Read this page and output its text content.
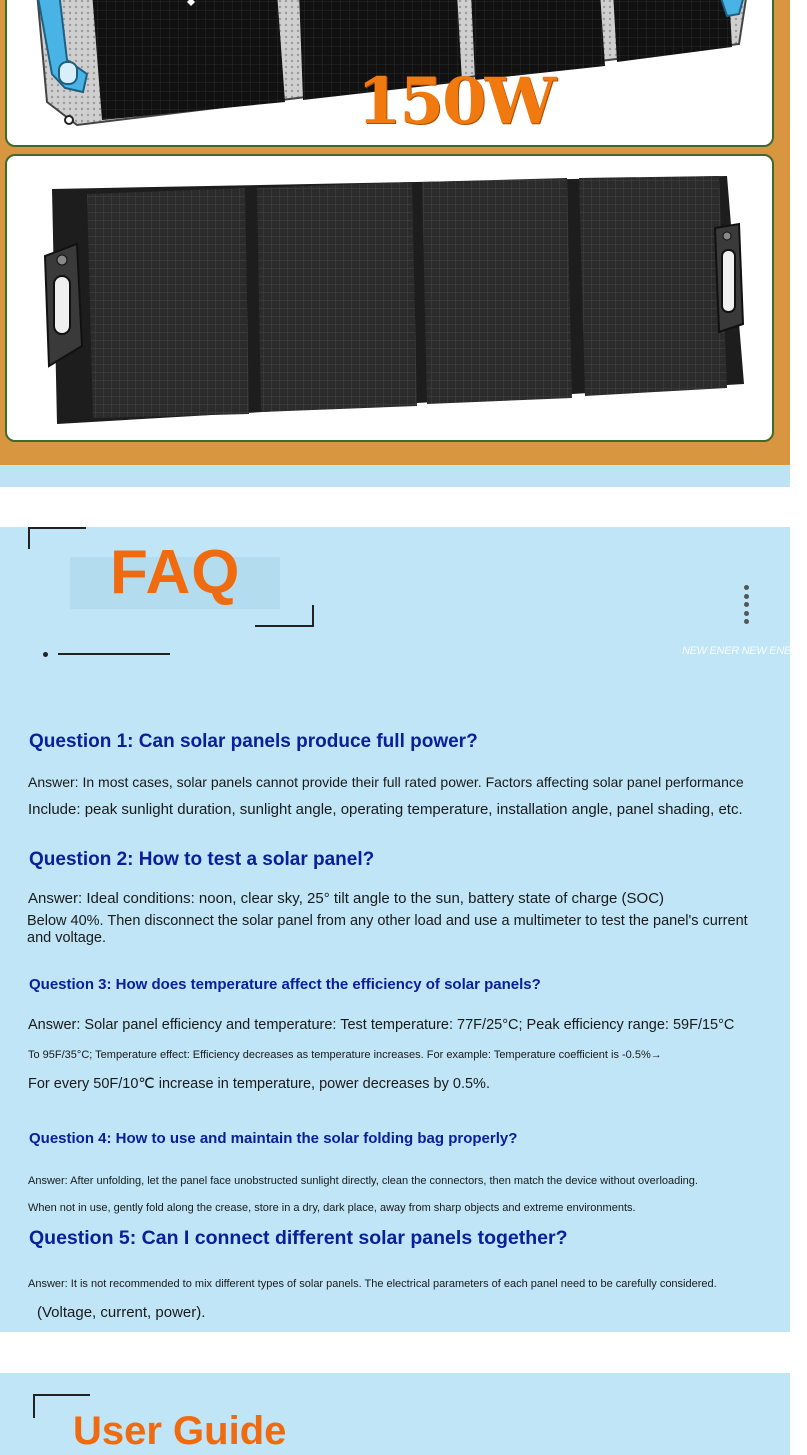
150W
FAQ
NEW ENER NEW ENERG
Question 1: Can solar panels produce full power?
Answer: In most cases, solar panels cannot provide their full rated power. Factors affecting solar panel performance
Include: peak sunlight duration, sunlight angle, operating temperature, installation angle, panel shading, etc.
Question 2: How to test a solar panel?
Answer: Ideal conditions: noon, clear sky, 25° tilt angle to the sun, battery state of charge (SOC)
Below 40%. Then disconnect the solar panel from any other load and use a multimeter to test the panel's current and voltage.
Question 3: How does temperature affect the efficiency of solar panels?
Answer: Solar panel efficiency and temperature: Test temperature: 77F/25°C; Peak efficiency range: 59F/15°C
To 95F/35°C; Temperature effect: Efficiency decreases as temperature increases. For example: Temperature coefficient is -0.5%→
For every 50F/10℃ increase in temperature, power decreases by 0.5%.
Question 4: How to use and maintain the solar folding bag properly?
Answer: After unfolding, let the panel face unobstructed sunlight directly, clean the connectors, then match the device without overloading.
When not in use, gently fold along the crease, store in a dry, dark place, away from sharp objects and extreme environments.
Question 5: Can I connect different solar panels together?
Answer: It is not recommended to mix different types of solar panels. The electrical parameters of each panel need to be carefully considered.
(Voltage, current, power).
User Guide
